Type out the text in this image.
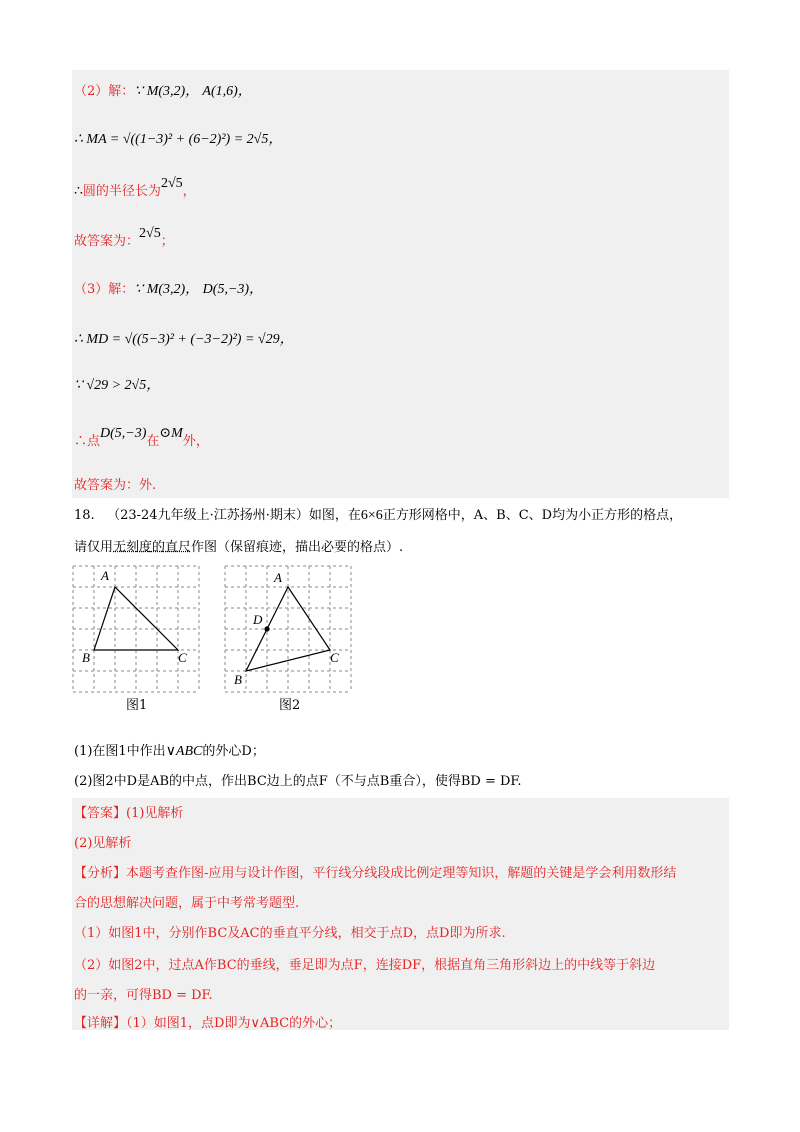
（2）解：∵ M(3,2)， A(1,6)，
∴ MA = √((1−3)² + (6−2)²) = 2√5，
∴圆的半径长为2√5，
故答案为：2√5；
（3）解：∵ M(3,2)， D(5,−3)，
∴ MD = √((5−3)² + (−3−2)²) = √29，
∵ √29 > 2√5，
∴点D(5,−3)在⊙M外，
故答案为：外.
18. （23-24九年级上·江苏扬州·期末）如图，在6×6正方形网格中，A、B、C、D均为小正方形的格点，
请仅用无刻度的直尺作图（保留痕迹，描出必要的格点）.
A
B	C
图1
A
D
B
C
图2
(1)在图1中作出∨ABC的外心D；
(2)图2中D是AB的中点，作出BC边上的点F（不与点B重合），使得BD = DF.
【答案】(1)见解析
(2)见解析
【分析】本题考查作图-应用与设计作图，平行线分线段成比例定理等知识，解题的关键是学会利用数形结
合的思想解决问题，属于中考常考题型.
（1）如图1中，分别作BC及AC的垂直平分线，相交于点D，点D即为所求.
（2）如图2中，过点A作BC的垂线，垂足即为点F，连接DF，根据直角三角形斜边上的中线等于斜边
的一亲，可得BD = DF.
【详解】（1）如图1，点D即为∨ABC的外心；
